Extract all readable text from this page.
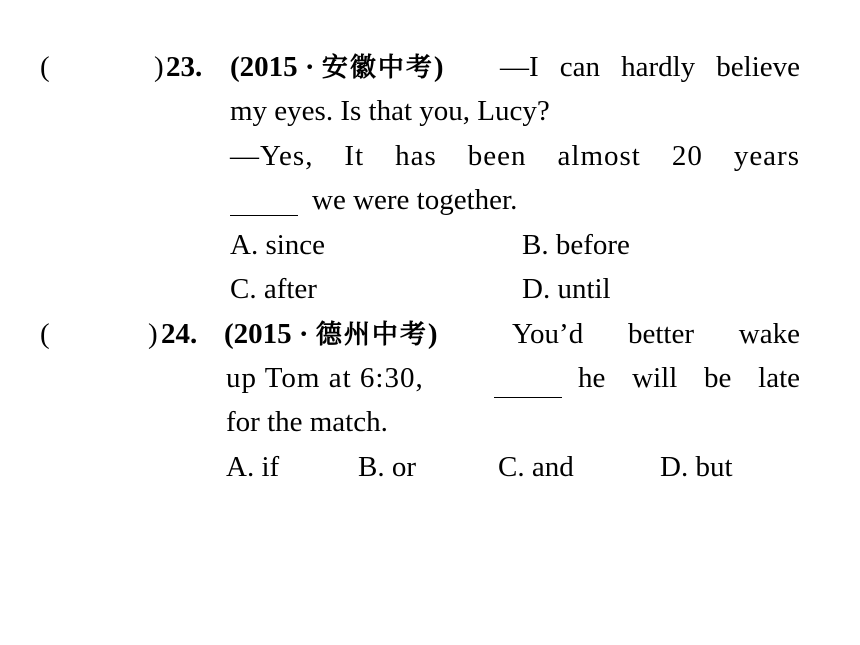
(	) 23. (2015 · 安徽中考) —I can hardly believe
my eyes. Is that you, Lucy?
—Yes, It has been almost 20 years
we were together.
A. since	B. before
C. after	D. until
(	) 24. (2015 · 德州中考)	You’d better wake
up Tom at 6:30,	he will be late
for the match.
A. if	B. or	C. and	D. but
